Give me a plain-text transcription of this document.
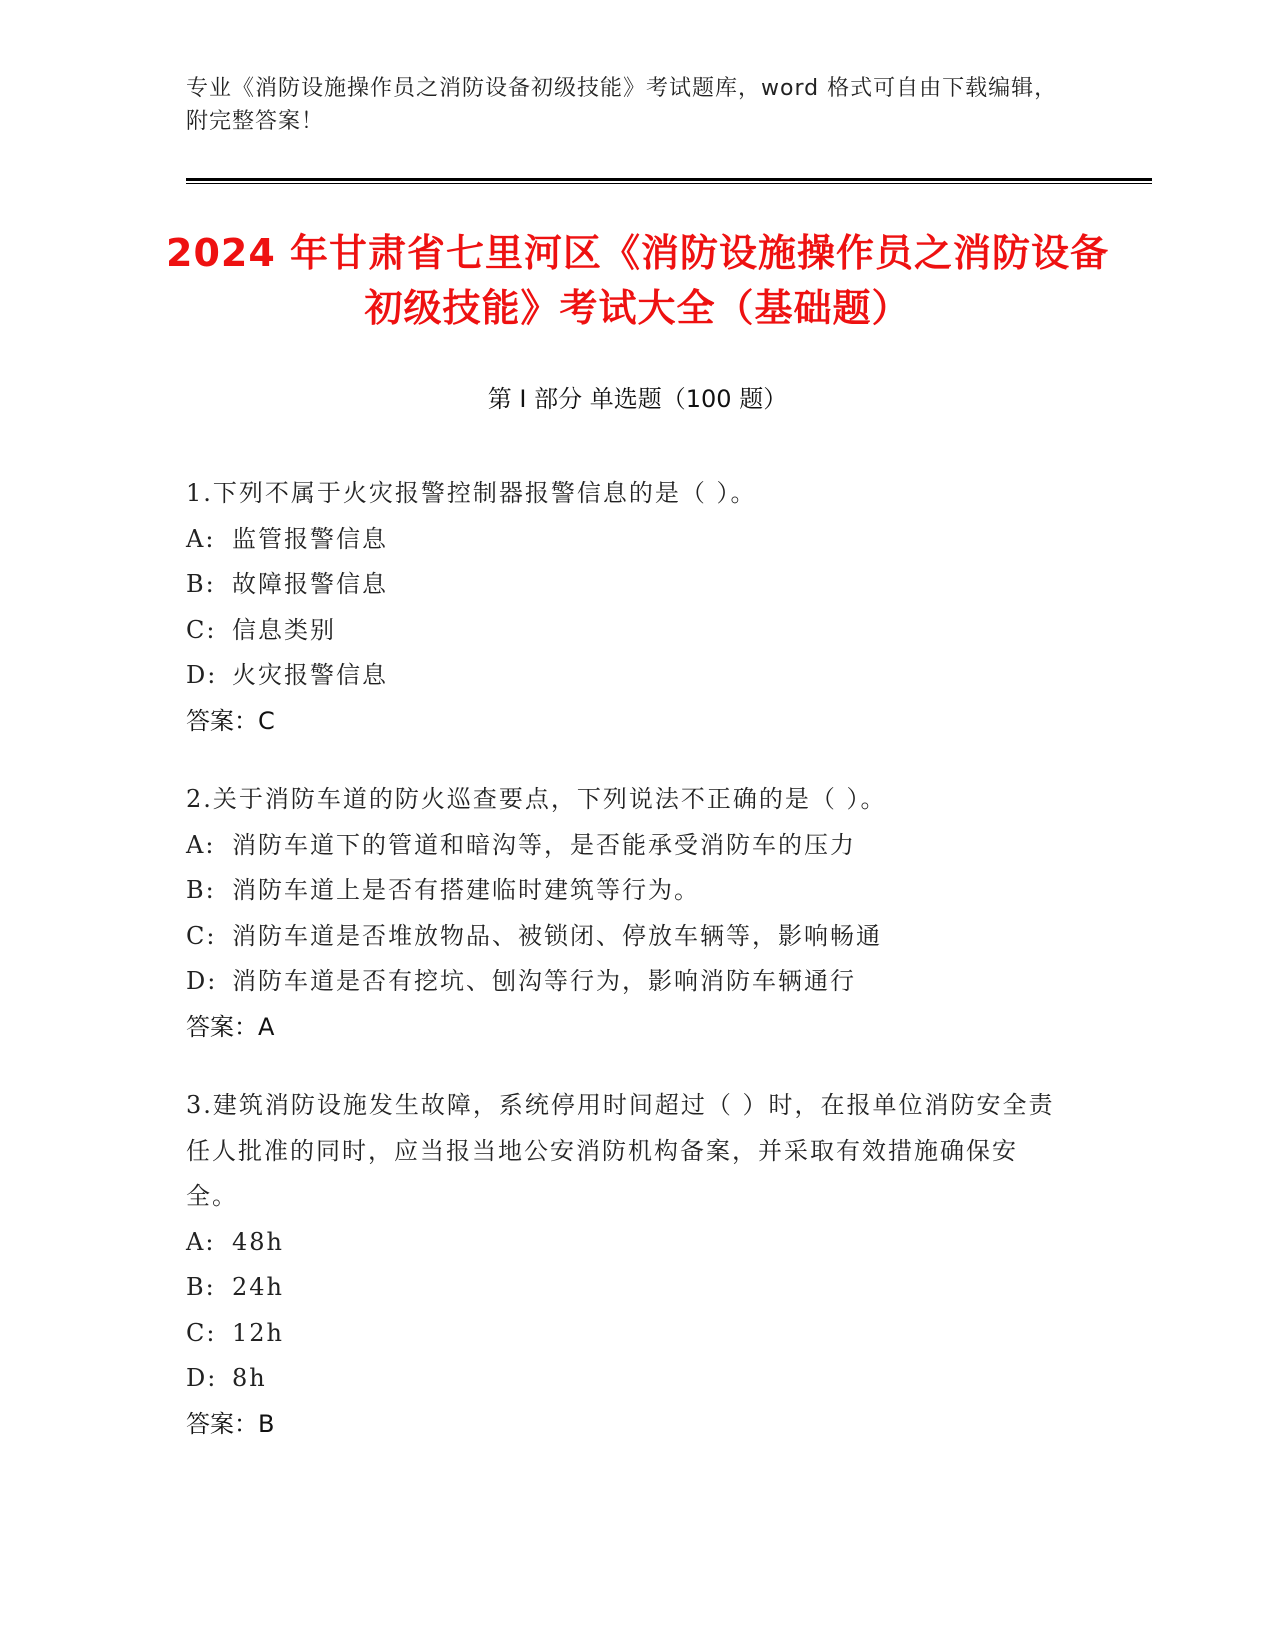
专业《消防设施操作员之消防设备初级技能》考试题库，word 格式可自由下载编辑，附完整答案！
2024 年甘肃省七里河区《消防设施操作员之消防设备初级技能》考试大全（基础题）
第 I 部分 单选题（100 题）

1.下列不属于火灾报警控制器报警信息的是（ ）。

A: 监管报警信息

B: 故障报警信息

C: 信息类别

D: 火灾报警信息

答案：C

2.关于消防车道的防火巡查要点，下列说法不正确的是（ ）。

A: 消防车道下的管道和暗沟等，是否能承受消防车的压力

B: 消防车道上是否有搭建临时建筑等行为。

C: 消防车道是否堆放物品、被锁闭、停放车辆等，影响畅通

D: 消防车道是否有挖坑、刨沟等行为，影响消防车辆通行

答案：A

3.建筑消防设施发生故障，系统停用时间超过（ ）时，在报单位消防安全责任人批准的同时，应当报当地公安消防机构备案，并采取有效措施确保安全。

A: 48h

B: 24h

C: 12h

D: 8h

答案：B
